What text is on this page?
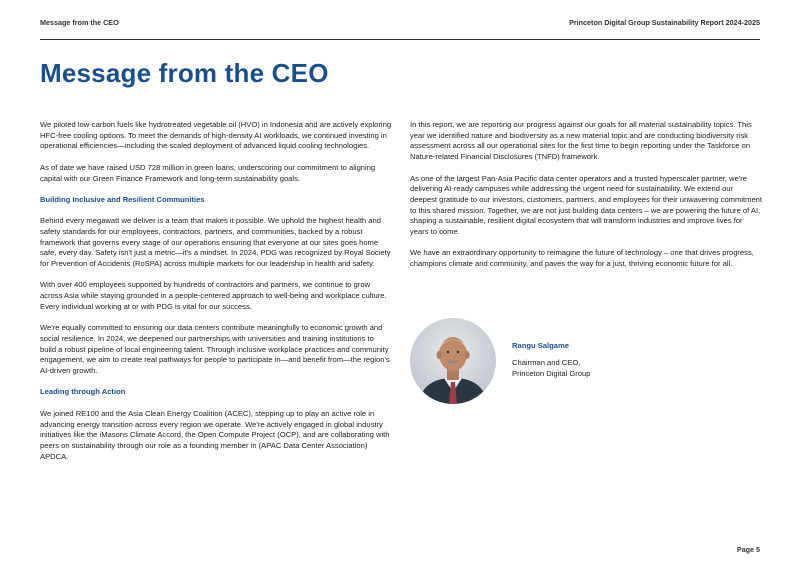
Message from the CEO	Princeton Digital Group Sustainability Report 2024-2025
Message from the CEO

We piloted low-carbon fuels like hydrotreated vegetable oil (HVO) in Indonesia and are actively exploring HFC-free cooling options. To meet the demands of high-density AI workloads, we continued investing in operational efficiencies—including the scaled deployment of advanced liquid cooling technologies.

As of date we have raised USD 728 million in green loans, underscoring our commitment to aligning capital with our Green Finance Framework and long-term sustainability goals.

Building Inclusive and Resilient Communities

Behind every megawatt we deliver is a team that makes it possible. We uphold the highest health and safety standards for our employees, contractors, partners, and communities, backed by a robust framework that governs every stage of our operations ensuring that everyone at our sites goes home safe, every day. Safety isn't just a metric—it's a mindset. In 2024, PDG was recognized by Royal Society for Prevention of Accidents (RoSPA) across multiple markets for our leadership in health and safety.

With over 400 employees supported by hundreds of contractors and partners, we continue to grow across Asia while staying grounded in a people-centered approach to well-being and workplace culture. Every individual working at or with PDG is vital for our success.

We're equally committed to ensuring our data centers contribute meaningfully to economic growth and social resilience. In 2024, we deepened our partnerships with universities and training institutions to build a robust pipeline of local engineering talent. Through inclusive workplace practices and community engagement, we aim to create real pathways for people to participate in—and benefit from—the region's AI-driven growth.

Leading through Action

We joined RE100 and the Asia Clean Energy Coalition (ACEC), stepping up to play an active role in advancing energy transition across every region we operate. We're actively engaged in global industry initiatives like the iMasons Climate Accord, the Open Compute Project (OCP), and are collaborating with peers on sustainability through our role as a founding member in (APAC Data Center Association) APDCA.

In this report, we are reporting our progress against our goals for all material sustainability topics. This year we identified nature and biodiversity as a new material topic and are conducting biodiversity risk assessment across all our operational sites for the first time to begin reporting under the Taskforce on Nature-related Financial Disclosures (TNFD) framework.

As one of the largest Pan-Asia Pacific data center operators and a trusted hyperscaler partner, we're delivering AI-ready campuses while addressing the urgent need for sustainability. We extend our deepest gratitude to our investors, customers, partners, and employees for their unwavering commitment to this shared mission. Together, we are not just building data centers – we are powering the future of AI, shaping a sustainable, resilient digital ecosystem that will transform industries and improve lives for years to come.

We have an extraordinary opportunity to reimagine the future of technology – one that drives progress, champions climate and community, and paves the way for a just, thriving economic future for all.

Rangu Salgame
Chairman and CEO,
Princeton Digital Group
Page 5
